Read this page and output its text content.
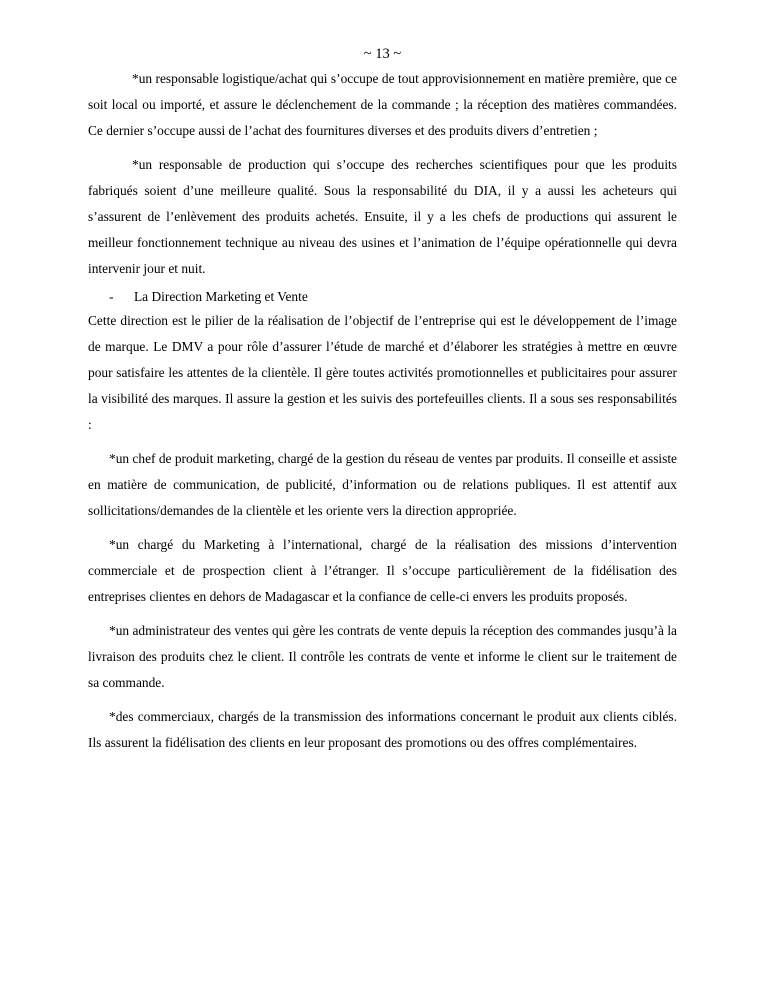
~ 13 ~

*un responsable logistique/achat qui s’occupe de tout approvisionnement en matière première, que ce soit local ou importé, et assure le déclenchement de la commande ; la réception des matières commandées. Ce dernier s’occupe aussi de l’achat des fournitures diverses et des produits divers d’entretien ;

*un responsable de production qui s’occupe des recherches scientifiques pour que les produits fabriqués soient d’une meilleure qualité. Sous la responsabilité du DIA, il y a aussi les acheteurs qui s’assurent de l’enlèvement des produits achetés. Ensuite, il y a les chefs de productions qui assurent le meilleur fonctionnement technique au niveau des usines et l’animation de l’équipe opérationnelle qui devra intervenir jour et nuit.

- La Direction Marketing et Vente

Cette direction est le pilier de la réalisation de l’objectif de l’entreprise qui est le développement de l’image de marque. Le DMV a pour rôle d’assurer l’étude de marché et d’élaborer les stratégies à mettre en œuvre pour satisfaire les attentes de la clientèle. Il gère toutes activités promotionnelles et publicitaires pour assurer la visibilité des marques. Il assure la gestion et les suivis des portefeuilles clients. Il a sous ses responsabilités :

*un chef de produit marketing, chargé de la gestion du réseau de ventes par produits. Il conseille et assiste en matière de communication, de publicité, d’information ou de relations publiques. Il est attentif aux sollicitations/demandes de la clientèle et les oriente vers la direction appropriée.

*un chargé du Marketing à l’international, chargé de la réalisation des missions d’intervention commerciale et de prospection client à l’étranger. Il s’occupe particulièrement de la fidélisation des entreprises clientes en dehors de Madagascar et la confiance de celle-ci envers les produits proposés.

*un administrateur des ventes qui gère les contrats de vente depuis la réception des commandes jusqu’à la livraison des produits chez le client. Il contrôle les contrats de vente et informe le client sur le traitement de sa commande.

*des commerciaux, chargés de la transmission des informations concernant le produit aux clients ciblés. Ils assurent la fidélisation des clients en leur proposant des promotions ou des offres complémentaires.
